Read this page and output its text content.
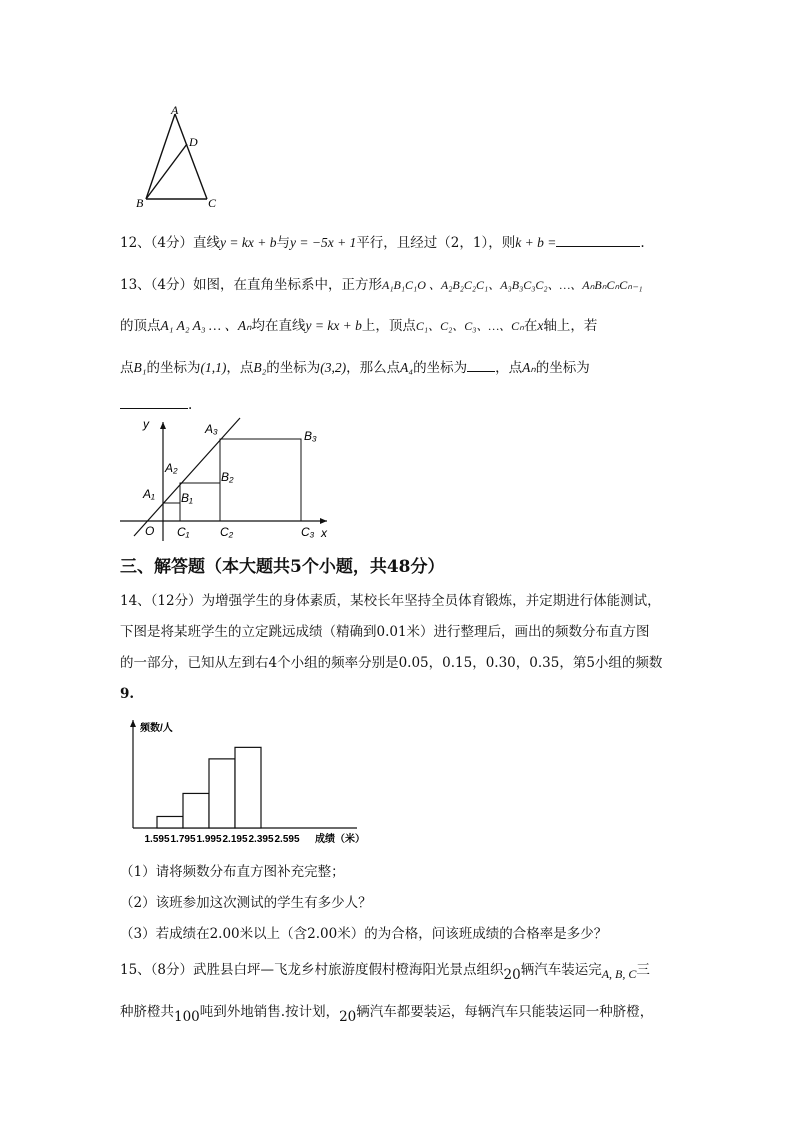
A
D
B	C
12、（4分）直线y = kx + b与y = −5x + 1平行，且经过（2，1），则k + b =	.
13、（4分）如图，在直角坐标系中，正方形A₁B₁C₁O 、A₂B₂C₂C₁、A₃B₃C₃C₂、…、AₙBₙCₙCₙ₋₁
的顶点A₁ A₂ A₃ … 、Aₙ均在直线y = kx + b上，顶点C₁、C₂、C₃、…、Cₙ在x轴上，若
点B₁的坐标为(1,1)，点B₂的坐标为(3,2)，那么点A₄的坐标为 ，点Aₙ的坐标为
.
y
x
O
A₁
A₂
A₃
B₁
B₂
B₃
C₁	C₂	C₃
三、解答题（本大题共5个小题，共48分）
14、（12分）为增强学生的身体素质，某校长年坚持全员体育锻炼，并定期进行体能测试，
下图是将某班学生的立定跳远成绩（精确到0.01米）进行整理后，画出的频数分布直方图
的一部分，已知从左到右4个小组的频率分别是0.05，0.15，0.30，0.35，第5小组的频数
9.
频数/人
1.595 1.795 1.995 2.195 2.395 2.595 成绩（米）
（1）请将频数分布直方图补充完整；
（2）该班参加这次测试的学生有多少人？
（3）若成绩在2.00米以上（含2.00米）的为合格，问该班成绩的合格率是多少？
15、（8分）武胜县白坪—飞龙乡村旅游度假村橙海阳光景点组织20辆汽车装运完A, B, C三
种脐橙共100吨到外地销售.按计划，20辆汽车都要装运，每辆汽车只能装运同一种脐橙，
